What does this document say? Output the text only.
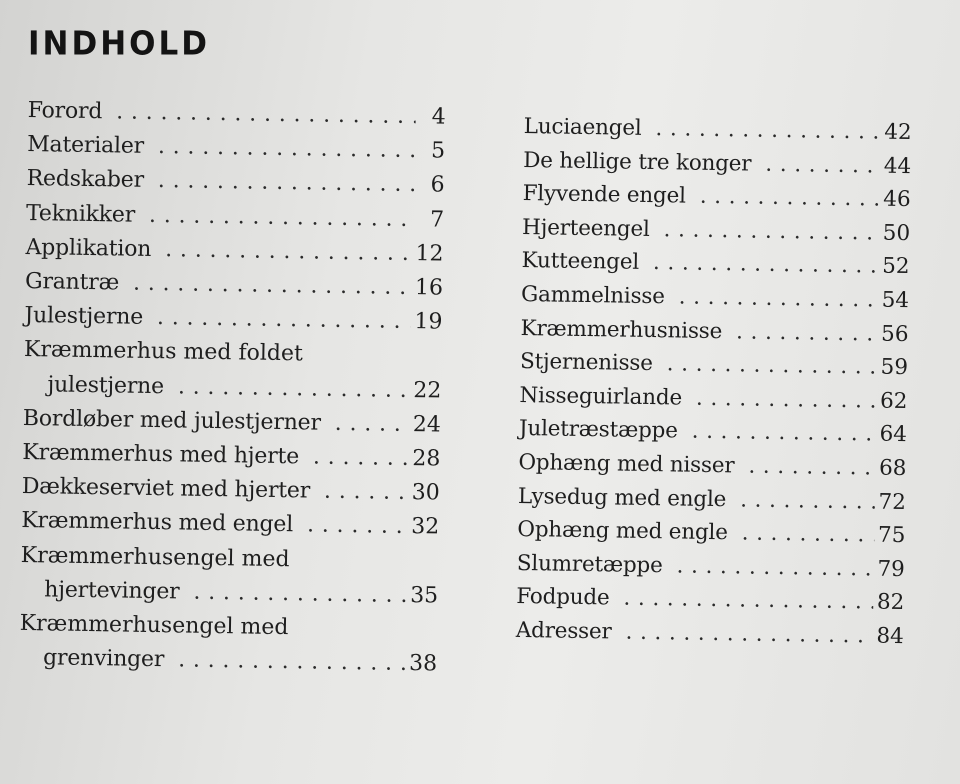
INDHOLD
Forord . . .	4
Materialer . . .	5
Redskaber . . .	6
Teknikker . . .	7
Applikation . . .	12
Grantræ . . .	16
Julestjerne . . .	19
Kræmmerhus med foldet
julestjerne . . .	22
Bordløber med julestjerner . . .	24
Kræmmerhus med hjerte . . .	28
Dækkeserviet med hjerter . . .	30
Kræmmerhus med engel . . .	32
Kræmmerhusengel med
hjertevinger . . .	35
Kræmmerhusengel med
grenvinger . . .	38
Luciaengel . . .	42
De hellige tre konger . . .	44
Flyvende engel . . .	46
Hjerteengel . . .	50
Kutteengel . . .	52
Gammelnisse . . .	54
Kræmmerhusnisse . . .	56
Stjernenisse . . .	59
Nisseguirlande . . .	62
Juletræstæppe . . .	64
Ophæng med nisser . . .	68
Lysedug med engle . . .	72
Ophæng med engle . . .	75
Slumretæppe . . .	79
Fodpude . . .	82
Adresser . . .	84
